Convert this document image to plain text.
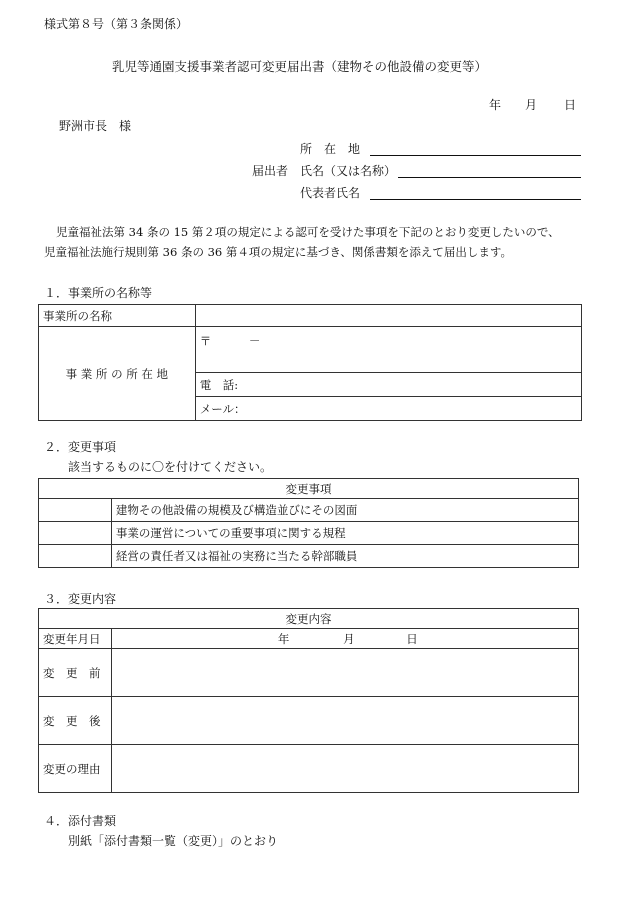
様式第８号（第３条関係）
乳児等通園支援事業者認可変更届出書（建物その他設備の変更等）
年 月 日
野洲市長　様
所　在　地
届出者 氏名（又は名称）
代表者氏名
児童福祉法第 34 条の 15 第２項の規定による認可を受けた事項を下記のとおり変更したいので、
児童福祉法施行規則第 36 条の 36 第４項の規定に基づき、関係書類を添えて届出します。
１．事業所の名称等
事業所の名称	
事 業 所 の 所 在 地	〒 －
	電　話:
	メール：
２．変更事項
該当するものに〇を付けてください。
変更事項	
	建物その他設備の規模及び構造並びにその図面
	事業の運営についての重要事項に関する規程
	経営の責任者又は福祉の実務に当たる幹部職員
３．変更内容
変更内容	
変更年月日	年 月 日
変　更　前	
変　更　後	
変更の理由	
４．添付書類
別紙「添付書類一覧（変更）」のとおり
